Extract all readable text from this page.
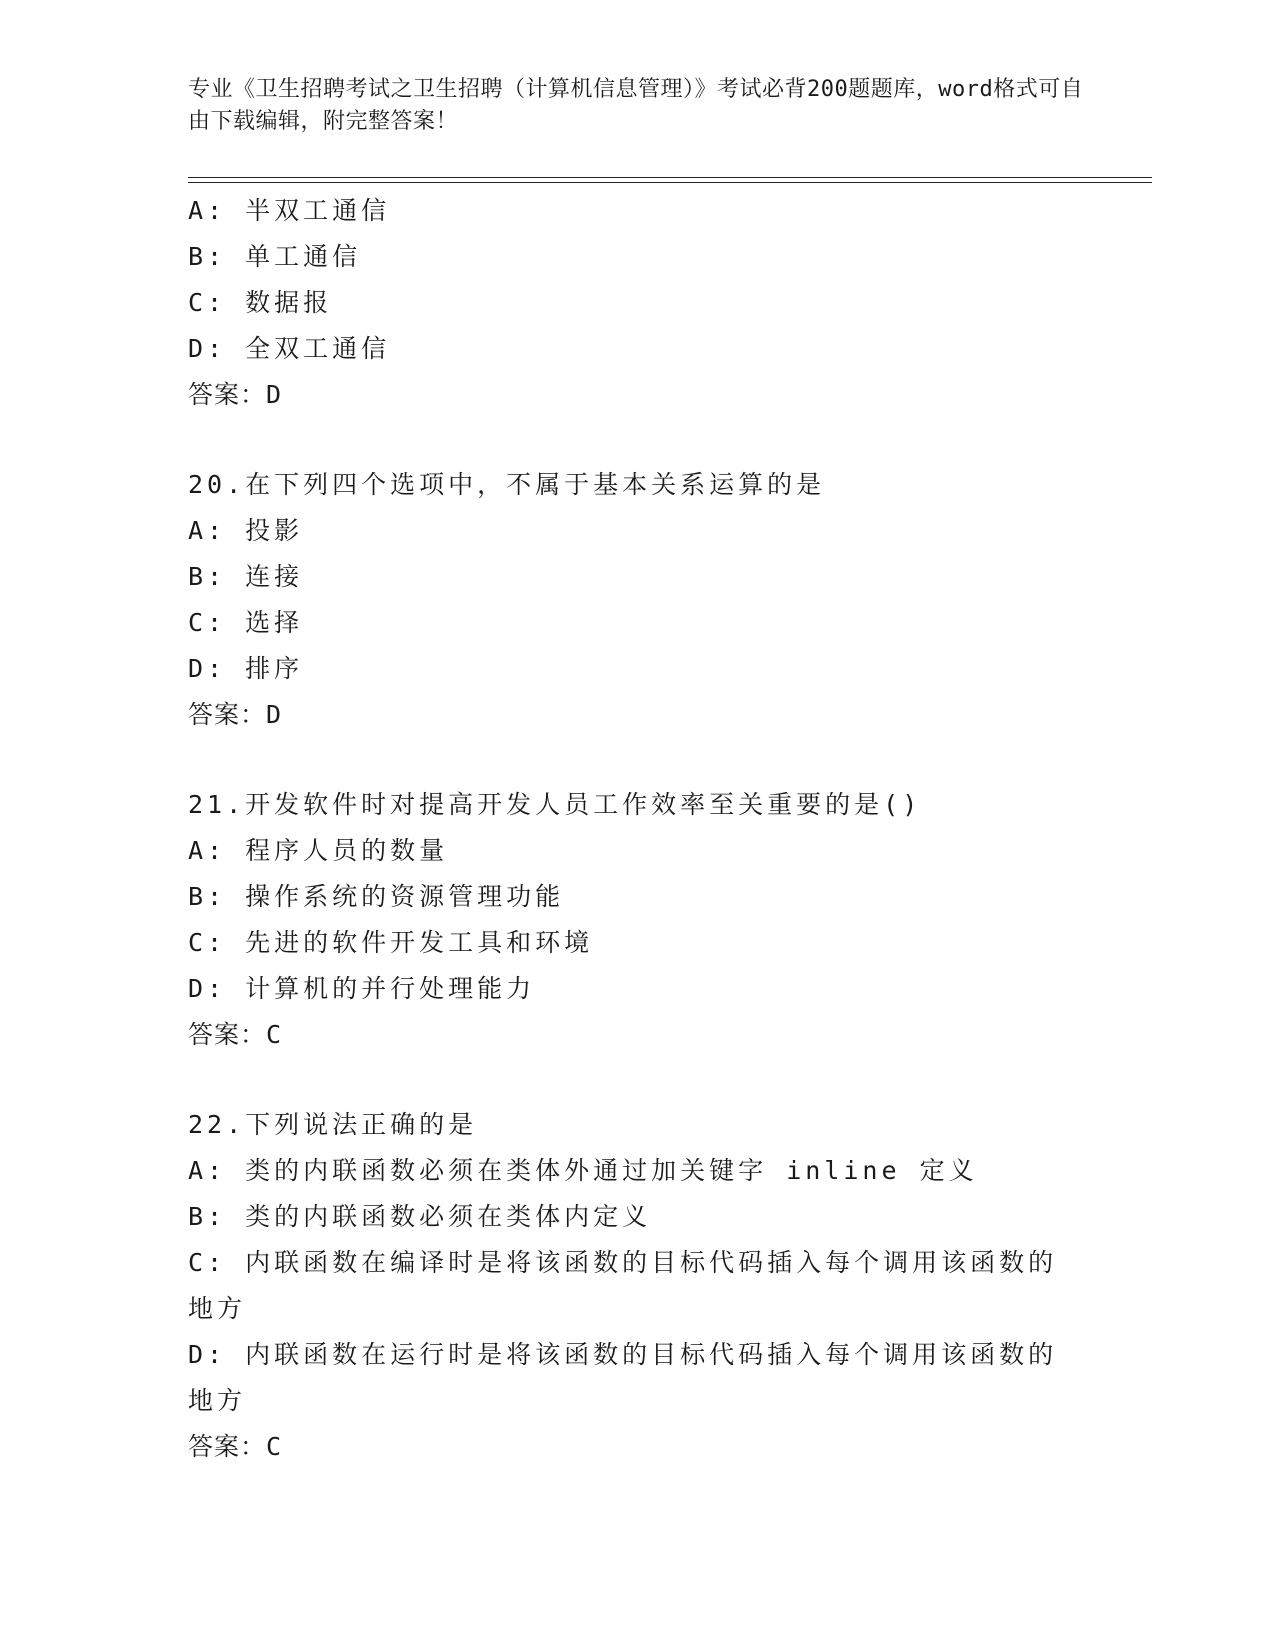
专业《卫生招聘考试之卫生招聘（计算机信息管理）》考试必背200题题库，word格式可自由下载编辑，附完整答案！
A: 半双工通信
B: 单工通信
C: 数据报
D: 全双工通信
答案：D
20.在下列四个选项中，不属于基本关系运算的是
A: 投影
B: 连接
C: 选择
D: 排序
答案：D
21.开发软件时对提高开发人员工作效率至关重要的是()
A: 程序人员的数量
B: 操作系统的资源管理功能
C: 先进的软件开发工具和环境
D: 计算机的并行处理能力
答案：C
22.下列说法正确的是
A: 类的内联函数必须在类体外通过加关键字 inline 定义
B: 类的内联函数必须在类体内定义
C: 内联函数在编译时是将该函数的目标代码插入每个调用该函数的地方
D: 内联函数在运行时是将该函数的目标代码插入每个调用该函数的地方
答案：C
